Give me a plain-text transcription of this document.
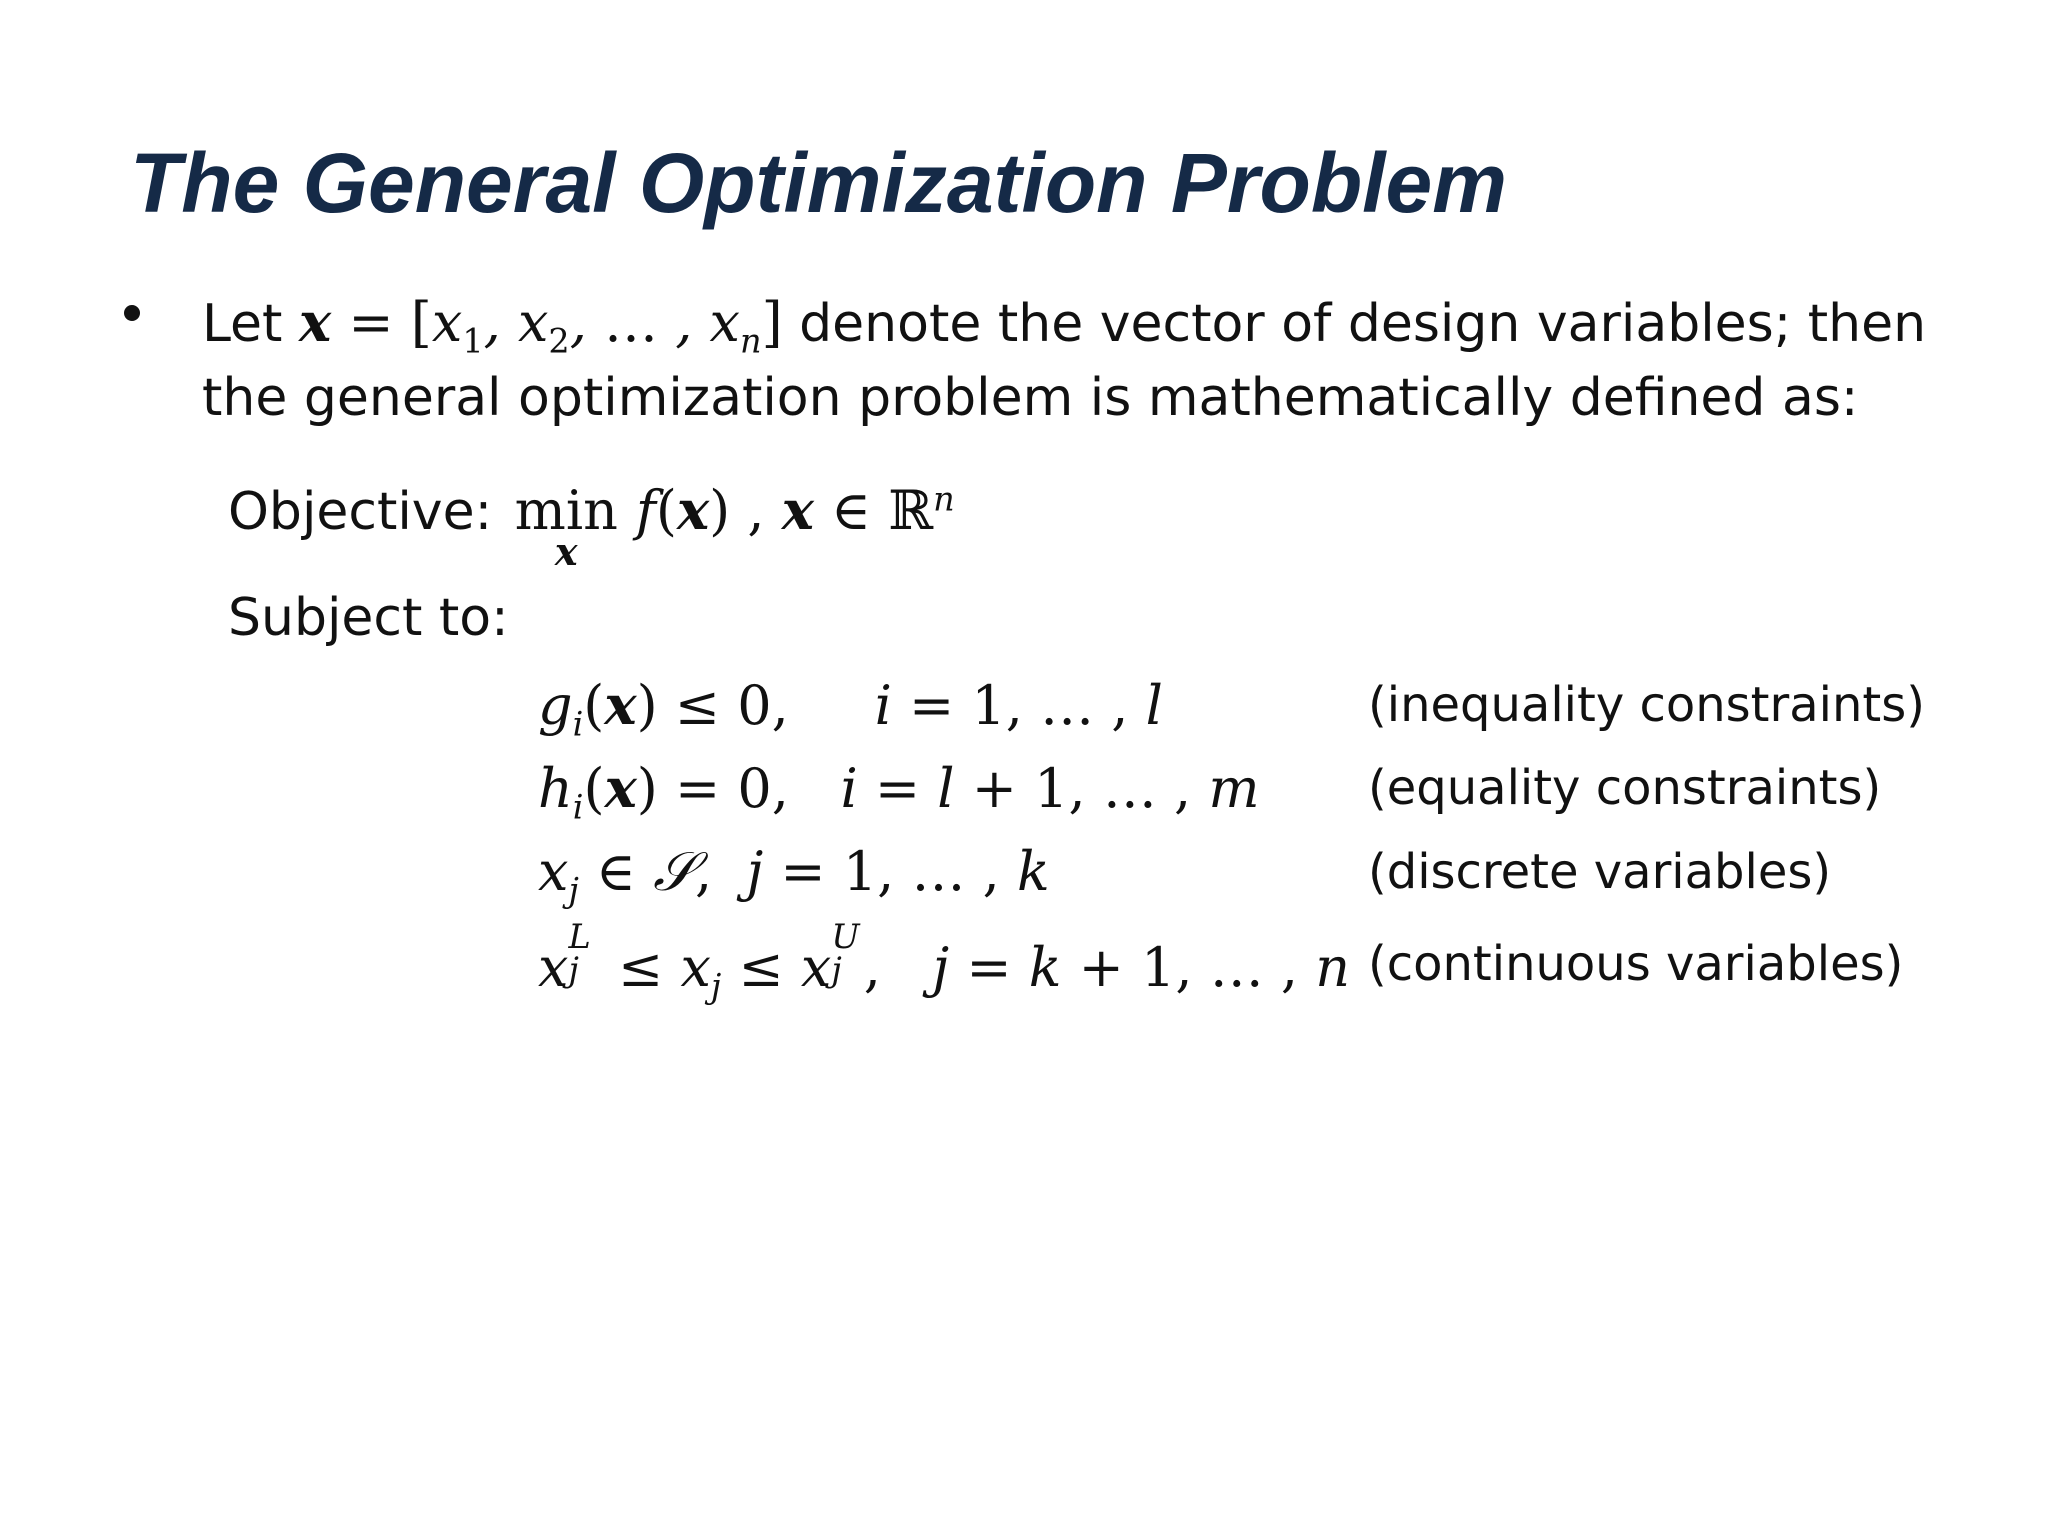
The General Optimization Problem
Let $x = [x_1$, $x_2$, … , $x_n$] denote the vector of design variables; then
the general optimization problem is mathematically defined as:
Objective: min
x
f(x) , x ∈ ℝ$^n$
Subject to:
$g_i(x) \le 0$,     i = 1, … , l	(inequality constraints)
$h_i(x) = 0$,   i = l + 1, … , m (equality constraints)
$x_j$ ∈ 𝒮,  j = 1, … , k	(discrete variables)
x L
$j \le x_j \le x$ U
j ,   j = k + 1, … , n (continuous variables)
